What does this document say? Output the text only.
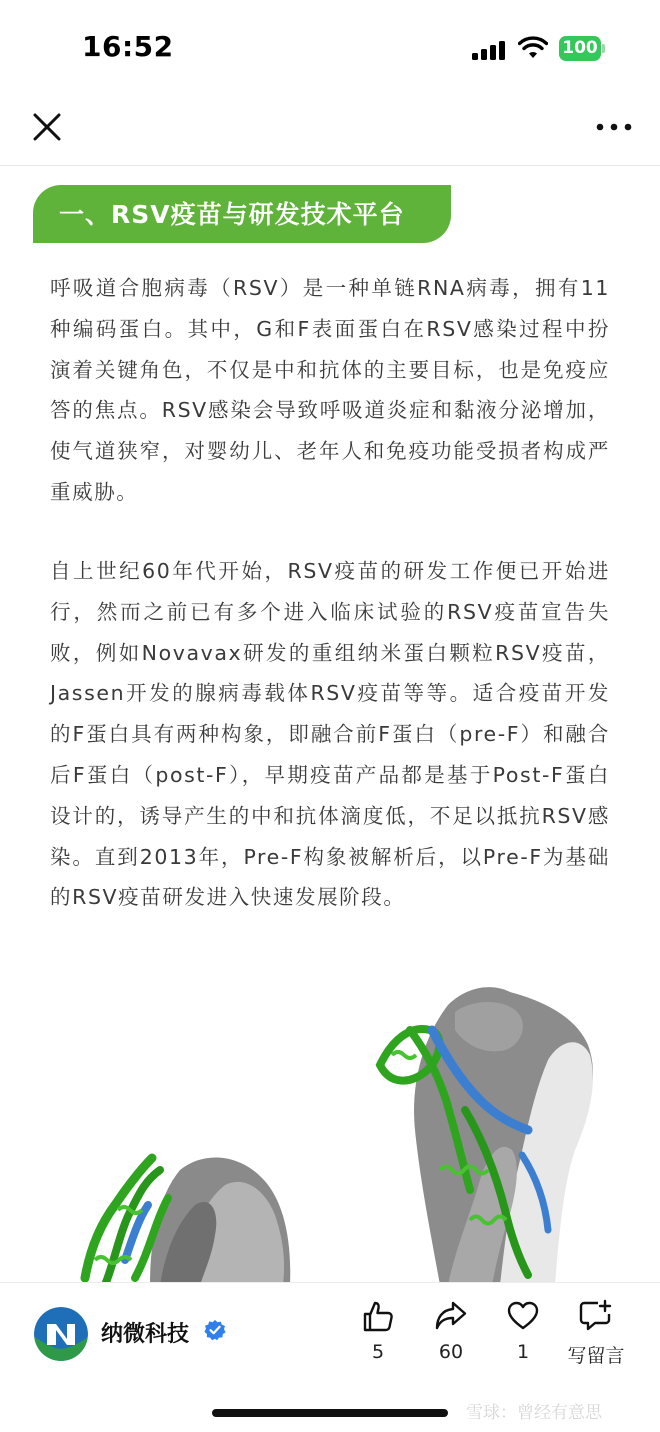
16:52	100
一、RSV疫苗与研发技术平台

呼吸道合胞病毒（RSV）是一种单链RNA病毒，拥有11种编码蛋白。其中，G和F表面蛋白在RSV感染过程中扮演着关键角色，不仅是中和抗体的主要目标，也是免疫应答的焦点。RSV感染会导致呼吸道炎症和黏液分泌增加，使气道狭窄，对婴幼儿、老年人和免疫功能受损者构成严重威胁。

自上世纪60年代开始，RSV疫苗的研发工作便已开始进行，然而之前已有多个进入临床试验的RSV疫苗宣告失败，例如Novavax研发的重组纳米蛋白颗粒RSV疫苗，Jassen开发的腺病毒载体RSV疫苗等等。适合疫苗开发的F蛋白具有两种构象，即融合前F蛋白（pre-F）和融合后F蛋白（post-F），早期疫苗产品都是基于Post-F蛋白设计的，诱导产生的中和抗体滴度低，不足以抵抗RSV感染。直到2013年，Pre-F构象被解析后，以Pre-F为基础的RSV疫苗研发进入快速发展阶段。

纳微科技
5	60	1	写留言
雪球：曾经有意思
